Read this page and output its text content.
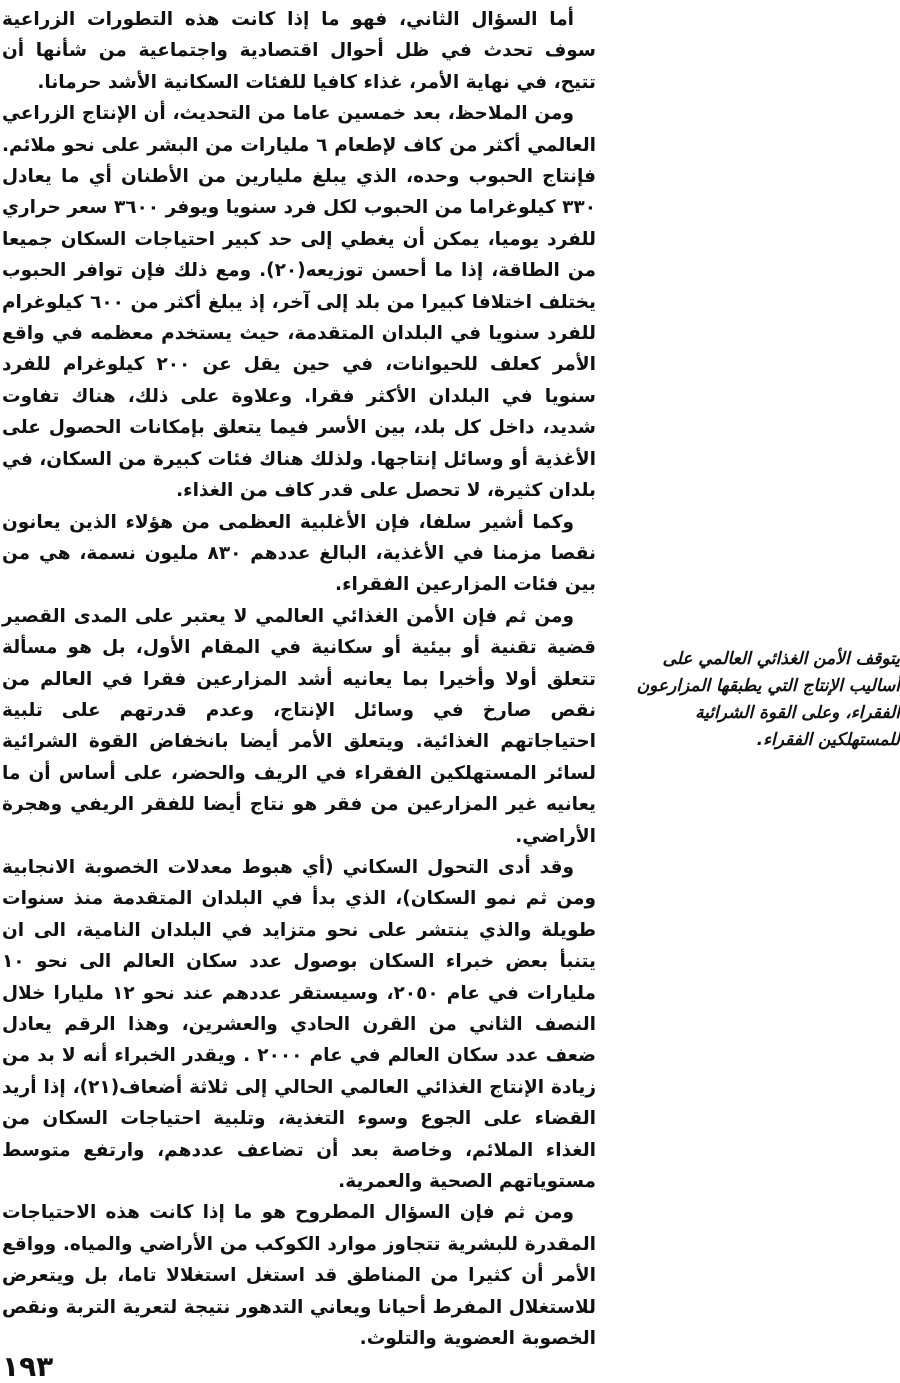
أما السؤال الثاني، فهو ما إذا كانت هذه التطورات الزراعية سوف تحدث في ظل أحوال اقتصادية واجتماعية من شأنها أن تتيح، في نهاية الأمر، غذاء كافيا للفئات السكانية الأشد حرمانا.

ومن الملاحظ، بعد خمسين عاما من التحديث، أن الإنتاج الزراعي العالمي أكثر من كاف لإطعام ٦ مليارات من البشر على نحو ملائم. فإنتاج الحبوب وحده، الذي يبلغ مليارين من الأطنان أي ما يعادل ٣٣٠ كيلوغراما من الحبوب لكل فرد سنويا ويوفر ٣٦٠٠ سعر حراري للفرد يوميا، يمكن أن يغطي إلى حد كبير احتياجات السكان جميعا من الطاقة، إذا ما أحسن توزيعه(٢٠). ومع ذلك فإن توافر الحبوب يختلف اختلافا كبيرا من بلد إلى آخر، إذ يبلغ أكثر من ٦٠٠ كيلوغرام للفرد سنويا في البلدان المتقدمة، حيث يستخدم معظمه في واقع الأمر كعلف للحيوانات، في حين يقل عن ٢٠٠ كيلوغرام للفرد سنويا في البلدان الأكثر فقرا. وعلاوة على ذلك، هناك تفاوت شديد، داخل كل بلد، بين الأسر فيما يتعلق بإمكانات الحصول على الأغذية أو وسائل إنتاجها. ولذلك هناك فئات كبيرة من السكان، في بلدان كثيرة، لا تحصل على قدر كاف من الغذاء.

وكما أشير سلفا، فإن الأغلبية العظمى من هؤلاء الذين يعانون نقصا مزمنا في الأغذية، البالغ عددهم ٨٣٠ مليون نسمة، هي من بين فئات المزارعين الفقراء.

ومن ثم فإن الأمن الغذائي العالمي لا يعتبر على المدى القصير قضية تقنية أو بيئية أو سكانية في المقام الأول، بل هو مسألة تتعلق أولا وأخيرا بما يعانيه أشد المزارعين فقرا في العالم من نقص صارخ في وسائل الإنتاج، وعدم قدرتهم على تلبية احتياجاتهم الغذائية. ويتعلق الأمر أيضا بانخفاض القوة الشرائية لسائر المستهلكين الفقراء في الريف والحضر، على أساس أن ما يعانيه غير المزارعين من فقر هو نتاج أيضا للفقر الريفي وهجرة الأراضي.

وقد أدى التحول السكاني (أي هبوط معدلات الخصوبة الانجابية ومن ثم نمو السكان)، الذي بدأ في البلدان المتقدمة منذ سنوات طويلة والذي ينتشر على نحو متزايد في البلدان النامية، الى ان يتنبأ بعض خبراء السكان بوصول عدد سكان العالم الى نحو ١٠ مليارات في عام ٢٠٥٠، وسيستقر عددهم عند نحو ١٢ مليارا خلال النصف الثاني من القرن الحادي والعشرين، وهذا الرقم يعادل ضعف عدد سكان العالم في عام ٢٠٠٠ . ويقدر الخبراء أنه لا بد من زيادة الإنتاج الغذائي العالمي الحالي إلى ثلاثة أضعاف(٢١)، إذا أريد القضاء على الجوع وسوء التغذية، وتلبية احتياجات السكان من الغذاء الملائم، وخاصة بعد أن تضاعف عددهم، وارتفع متوسط مستوياتهم الصحية والعمرية.

ومن ثم فإن السؤال المطروح هو ما إذا كانت هذه الاحتياجات المقدرة للبشرية تتجاوز موارد الكوكب من الأراضي والمياه. وواقع الأمر أن كثيرا من المناطق قد استغل استغلالا تاما، بل ويتعرض للاستغلال المفرط أحيانا ويعاني التدهور نتيجة لتعرية التربة ونقص الخصوبة العضوية والتلوث.

يتوقف الأمن الغذائي العالمي على أساليب الإنتاج التي يطبقها المزارعون الفقراء، وعلى القوة الشرائية للمستهلكين الفقراء.
١٩٣
